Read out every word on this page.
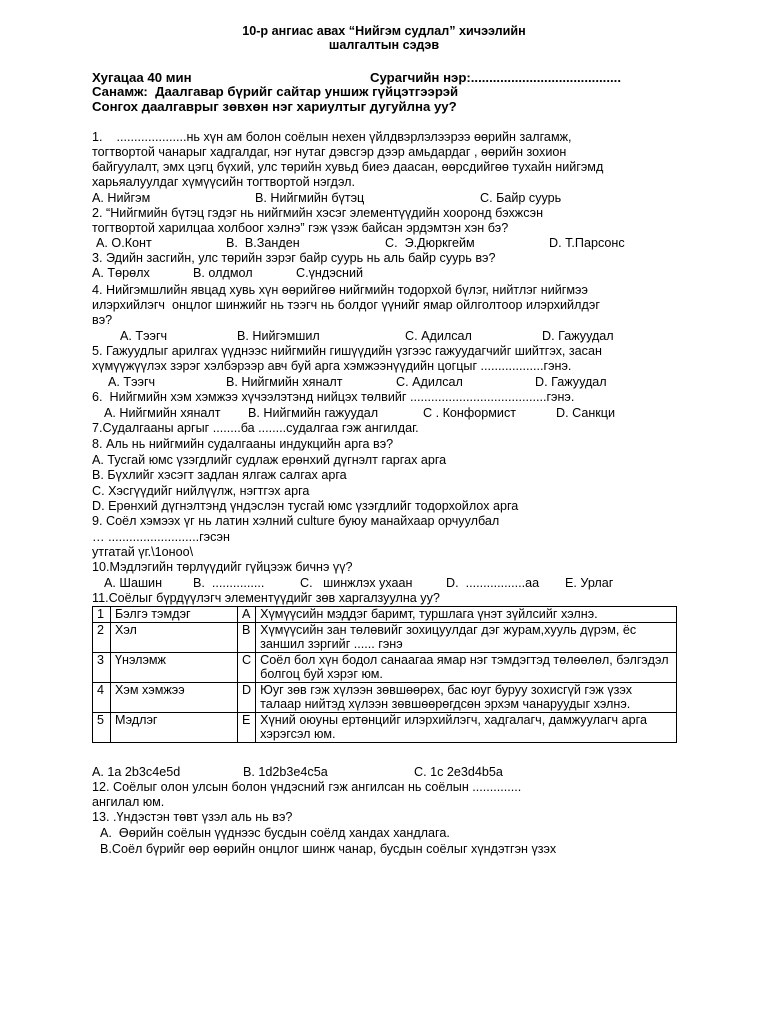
10-р ангиас авах “Нийгэм судлал” хичээлийн
шалгалтын сэдэв
Хугацаа 40 мин	Сурагчийн нэр:.........................................
Санамж:  Даалгавар бүрийг сайтар уншиж гүйцэтгээрэй
Сонгох даалгаврыг зөвхөн нэг хариултыг дугуйлна уу?
1.    ....................нь хүн ам болон соёлын нехен үйлдвэрлэлээрээ өөрийн залгамж,
тогтвортой чанарыг хадгалдаг, нэг нутаг дэвсгэр дээр амьдардаг , өөрийн зохион
байгуулалт, эмх цэгц бүхий, улс төрийн хувьд биеэ даасан, өөрсдийгөө тухайн нийгэмд
харьяалуулдаг хүмүүсийн тогтвортой нэгдэл.
А. Нийгэм	B. Нийгмийн бүтэц	C. Байр суурь
2. “Нийгмийн бүтэц гэдэг нь нийгмийн хэсэг элементүүдийн хооронд бэхжсэн
тогтвортой харилцаа холбоог хэлнэ” гэж үзэж байсан эрдэмтэн хэн бэ?
A. О.Конт	B.  В.Занден	C.  Э.Дюркгейм	D. Т.Парсонс
3. Эдийн засгийн, улс төрийн зэрэг байр суурь нь аль байр суурь вэ?
A. Төрөлх	B. олдмол	C.үндэсний
4. Нийгэмшлийн явцад хувь хүн өөрийгөө нийгмийн тодорхой бүлэг, нийтлэг нийгмээ
илэрхийлэгч  онцлог шинжийг нь тээгч нь болдог үүнийг ямар ойлголтоор илэрхийлдэг
вэ?
A. Тээгч	B. Нийгэмшил	C. Адилсал	D. Гажуудал
5. Гажуудлыг арилгах үүднээс нийгмийн гишүүдийн үзгээс гажуудагчийг шийтгэх, засан
хүмүүжүүлэх зэрэг хэлбэрээр авч буй арга хэмжээнүүдийн цогцыг ..................гэнэ.
A. Тээгч	B. Нийгмийн хяналт	C. Адилсал	D. Гажуудал
6.  Нийгмийн хэм хэмжээ хүчээлэтэнд нийцэх төлвийг .......................................гэнэ.
A. Нийгмийн хяналт B. Нийгмийн гажуудал	C . Конформист	D. Санкци
7.Судалгааны аргыг ........ба ........судалгаа гэж ангилдаг.
8. Аль нь нийгмийн судалгааны индукцийн арга вэ?
A. Тусгай юмс үзэгдлийг судлаж ерөнхий дүгнэлт гаргах арга
B. Бүхлийг хэсэгт задлан ялгаж салгах арга
C. Хэсгүүдийг нийлүүлж, нэгтгэх арга
D. Ерөнхий дүгнэлтэнд үндэслэн тусгай юмс үзэгдлийг тодорхойлох арга
9. Соёл хэмээх үг нь латин хэлний culture буюу манайхаар орчуулбал
… ..........................гэсэн
утгатай үг.\1оноо\
10.Мэдлэгийн төрлүүдийг гүйцээж бичнэ үү?
A. Шашин B.  ...............	C.   шинжлэх ухаан	D.  .................аа E. Урлаг
11.Соёлыг бүрдүүлэгч элементүүдийг зөв харгалзуулна уу?
1	Бэлгэ тэмдэг	A	Хүмүүсийн мэддэг баримт, туршлага үнэт зүйлсийг хэлнэ.
2	Хэл	B	Хүмүүсийн зан төлөвийг зохицуулдаг дэг журам,хууль дүрэм, ёс заншил зэргийг ...... гэнэ
3	Үнэлэмж	C	Соёл бол хүн бодол санаагаа ямар нэг тэмдэгтэд төлөөлөл, бэлгэдэл болгоц буй хэрэг юм.
4	Хэм хэмжээ	D	Юуг зөв гэж хүлээн зөвшөөрөх, бас юуг буруу зохисгүй гэж үзэх талаар нийтэд хүлээн зөвшөөрөгдсөн эрхэм чанаруудыг хэлнэ.
5	Мэдлэг	E	Хүний оюуны ертөнцийг илэрхийлэгч, хадгалагч, дамжуулагч арга хэрэгсэл юм.
A. 1а 2b3c4e5d	B. 1d2b3e4c5a	C. 1c 2e3d4b5a
12. Соёлыг олон улсын болон үндэсний гэж ангилсан нь соёлын ..............
ангилал юм.
13. .Үндэстэн төвт үзэл аль нь вэ?
A.  Өөрийн соёлын үүднээс бусдын соёлд хандах хандлага.
B.Соёл бүрийг өөр өөрийн онцлог шинж чанар, бусдын соёлыг хүндэтгэн үзэх
